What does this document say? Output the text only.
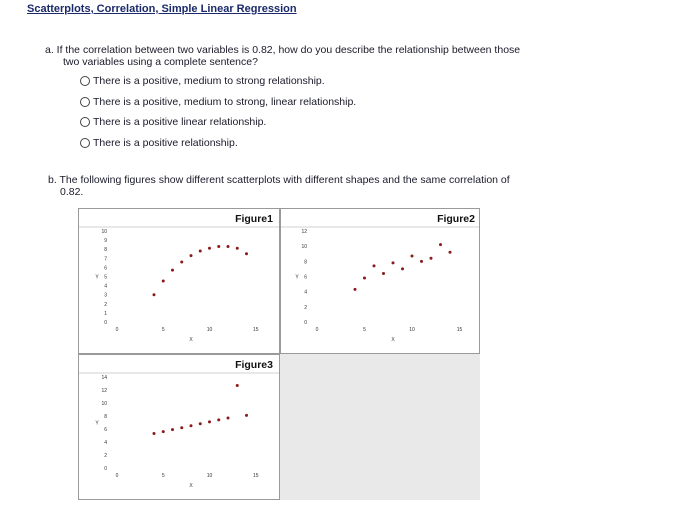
Scatterplots, Correlation, Simple Linear Regression
a. If the correlation between two variables is 0.82, how do you describe the relationship between those
two variables using a complete sentence?
There is a positive, medium to strong relationship.
There is a positive, medium to strong, linear relationship.
There is a positive linear relationship.
There is a positive relationship.
b. The following figures show different scatterplots with different shapes and the same correlation of
0.82.
Figure1
0
1
2
3
4
5
6
7
8
9
10
0	5	10	15
X
Y
Figure2
0
2
4
6
8
10
12
0	5	10	15
X
Y
Figure3
0
2
4
6
8
10
12
14
0	5	10	15
X
Y
